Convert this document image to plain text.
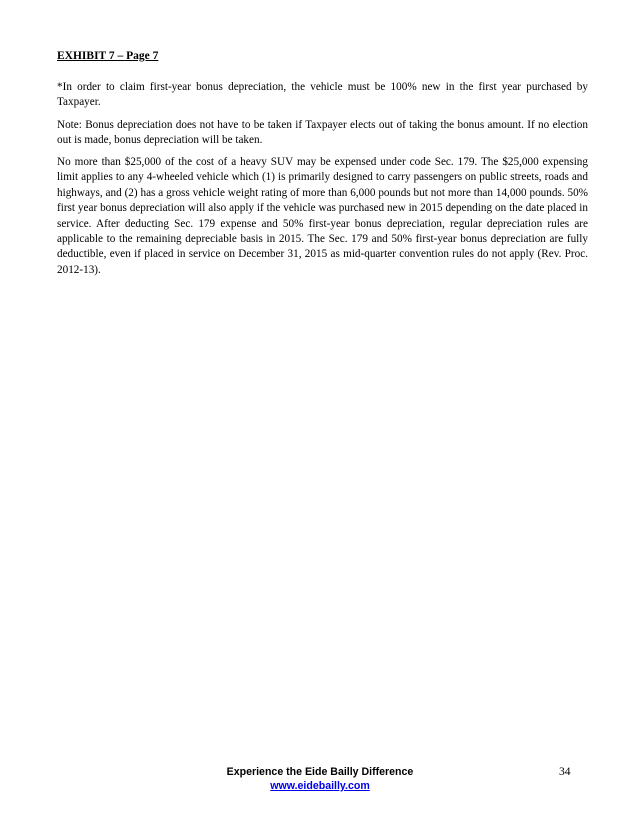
EXHIBIT 7 – Page 7

*In order to claim first-year bonus depreciation, the vehicle must be 100% new in the first year purchased by Taxpayer.

Note: Bonus depreciation does not have to be taken if Taxpayer elects out of taking the bonus amount. If no election out is made, bonus depreciation will be taken.

No more than $25,000 of the cost of a heavy SUV may be expensed under code Sec. 179. The $25,000 expensing limit applies to any 4-wheeled vehicle which (1) is primarily designed to carry passengers on public streets, roads and highways, and (2) has a gross vehicle weight rating of more than 6,000 pounds but not more than 14,000 pounds. 50% first year bonus depreciation will also apply if the vehicle was purchased new in 2015 depending on the date placed in service. After deducting Sec. 179 expense and 50% first-year bonus depreciation, regular depreciation rules are applicable to the remaining depreciable basis in 2015. The Sec. 179 and 50% first-year bonus depreciation are fully deductible, even if placed in service on December 31, 2015 as mid-quarter convention rules do not apply (Rev. Proc. 2012-13).

Experience the Eide Bailly Difference

www.eidebailly.com

34
